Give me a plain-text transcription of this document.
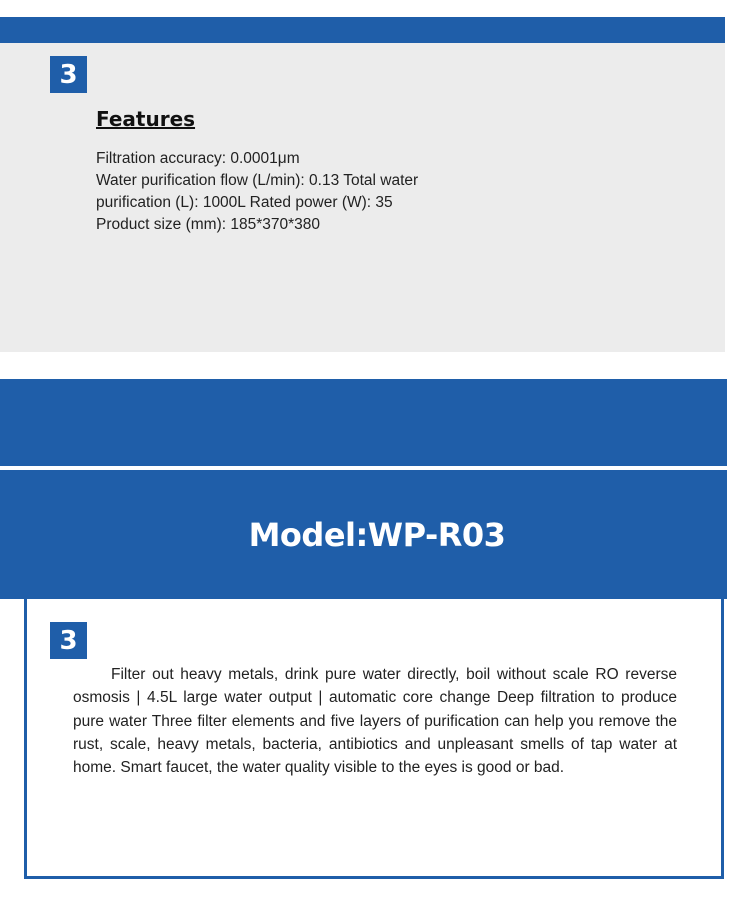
3
Features
Filtration accuracy: 0.0001μm
Water purification flow (L/min): 0.13 Total water
purification (L): 1000L Rated power (W): 35
Product size (mm): 185*370*380
Model:WP-R03
3
Filter out heavy metals, drink pure water directly, boil without scale RO reverse osmosis | 4.5L large water output | automatic core change Deep filtration to produce pure water Three filter elements and five layers of purification can help you remove the rust, scale, heavy metals, bacteria, antibiotics and unpleasant smells of tap water at home. Smart faucet, the water quality visible to the eyes is good or bad.
